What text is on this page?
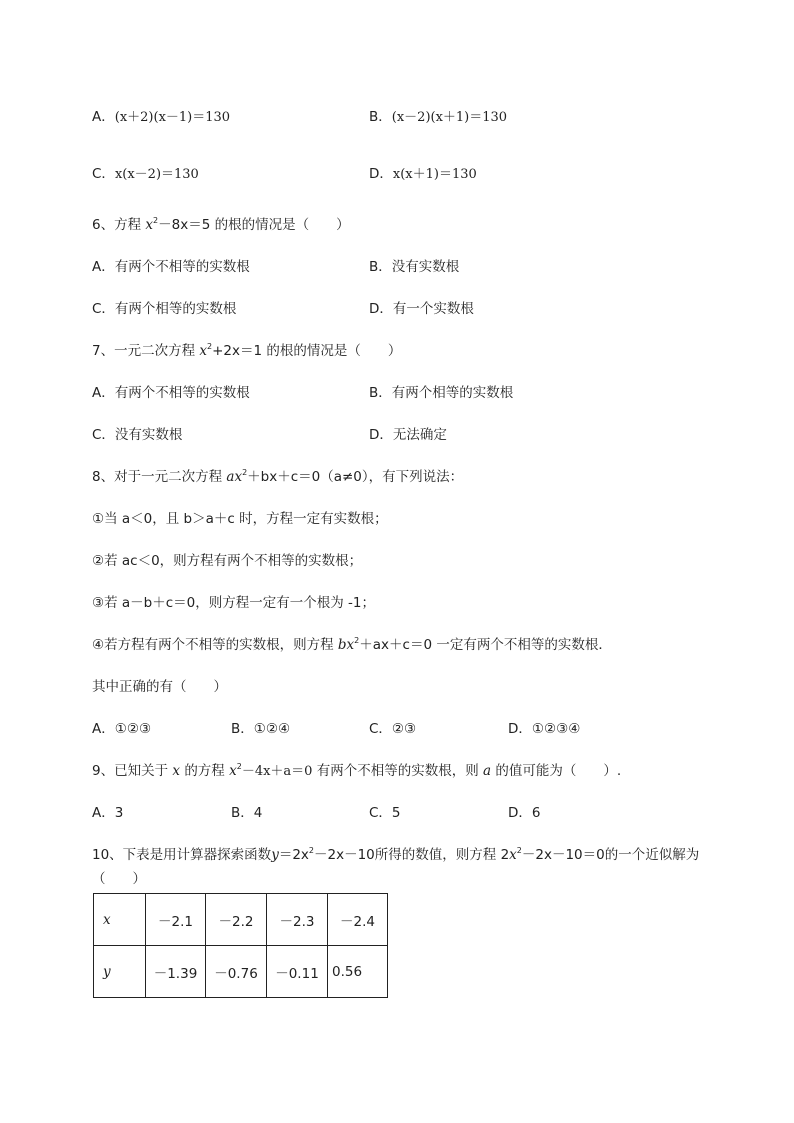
A．(x＋2)(x－1)＝130	B．(x－2)(x＋1)＝130
C．x(x－2)＝130	D．x(x＋1)＝130
6、方程 $x^2-8x=5$ 的根的情况是（　　）
A．有两个不相等的实数根	B．没有实数根
C．有两个相等的实数根	D．有一个实数根
7、一元二次方程 $x^2+2x=1$ 的根的情况是（　　）
A．有两个不相等的实数根	B．有两个相等的实数根
C．没有实数根	D．无法确定
8、对于一元二次方程 $ax^2+bx+c=0(a\ne 0)$，有下列说法：
①当 a＜0，且 b＞a＋c 时，方程一定有实数根；
②若 ac＜0，则方程有两个不相等的实数根；
③若 a－b＋c＝0，则方程一定有一个根为 -1；
④若方程有两个不相等的实数根，则方程 $bx^2+ax+c=0$ 一定有两个不相等的实数根．
其中正确的有（　　）
A．①②③	B．①②④	C．②③	D．①②③④
9、已知关于 x 的方程 $x^2-4x+a=0$ 有两个不相等的实数根，则 a 的值可能为（　　）.
A．3	B．4	C．5	D．6
10、下表是用计算器探索函数$y=2x^2-2x-10$所得的数值，则方程 $2x^2-2x-10=0$的一个近似解为
（　　）
x	－2.1	－2.2	－2.3	－2.4
y	－1.39	－0.76	－0.11	0.56
